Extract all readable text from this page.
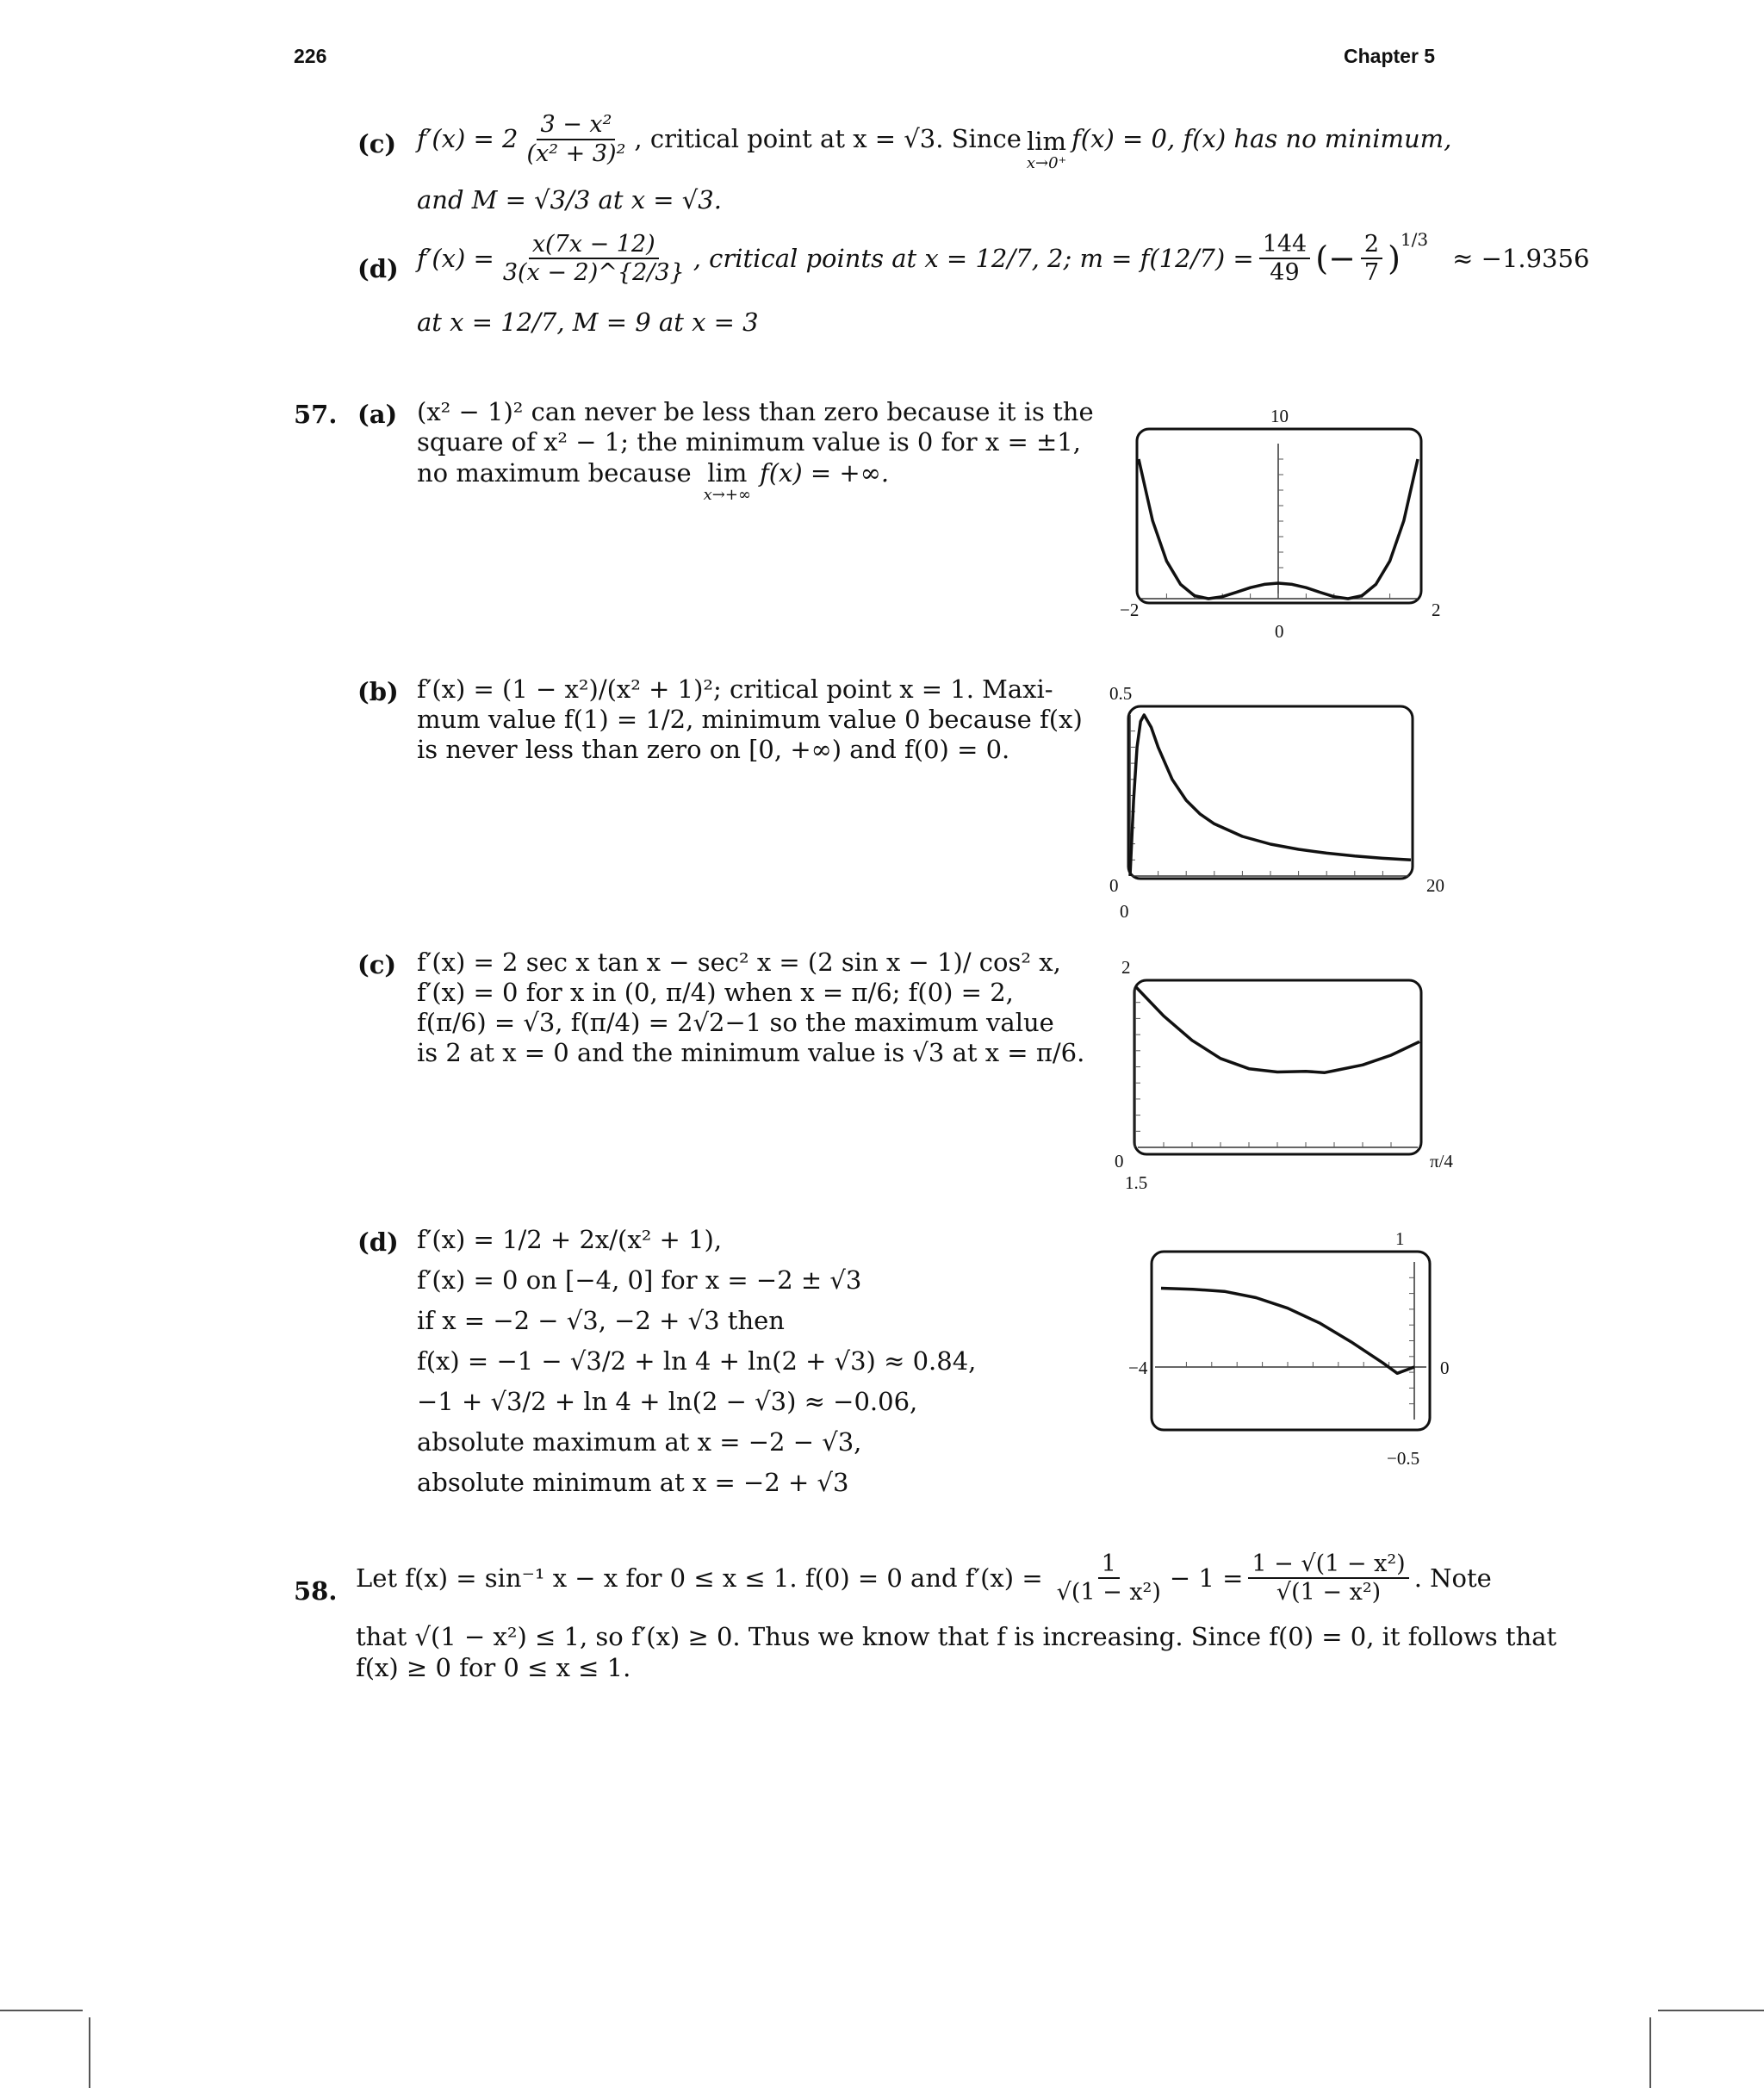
226	Chapter 5
(c) $f'(x) = 2 \frac{\text{3 − x²}}{\text{(x² + 3)²}}$ , critical point at x = √3. Since lim
x→0⁺
f(x) = 0, f(x) has no minimum,
and M = √3/3 at x = √3.
(d) $f'(x) = \frac{x(7x - 12)}{3(x - 2)\^{}\{2/3\}}$ , critical points at x = 12/7, 2; $m = f(12/7) = \frac{144}{49}$ (− $\frac{2}{7}$ )
1/3
≈ −1.9356
at x = 12/7, M = 9 at x = 3
57. (a) (x² − 1)² can never be less than zero because it is the
square of x² − 1; the minimum value is 0 for x = ±1,
no maximum because lim
x→+∞
f(x) = +∞.
(b) f′(x) = (1 − x²)/(x² + 1)²; critical point x = 1. Maxi-
mum value f(1) = 1/2, minimum value 0 because f(x)
is never less than zero on [0, +∞) and f(0) = 0.
(c) f′(x) = 2 sec x tan x − sec² x = (2 sin x − 1)/ cos² x,
f′(x) = 0 for x in (0, π/4) when x = π/6; f(0) = 2,
f(π/6) = √3, f(π/4) = 2√2−1 so the maximum value
is 2 at x = 0 and the minimum value is √3 at x = π/6.
(d) f′(x) = 1/2 + 2x/(x² + 1),
f′(x) = 0 on [−4, 0] for x = −2 ± √3
if x = −2 − √3, −2 + √3 then
f(x) = −1 − √3/2 + ln 4 + ln(2 + √3) ≈ 0.84,
−1 + √3/2 + ln 4 + ln(2 − √3) ≈ −0.06,
absolute maximum at x = −2 − √3,
absolute minimum at x = −2 + √3
58. Let f(x) = sin⁻¹ x − x for 0 ≤ x ≤ 1. f(0) = 0 and $f'(x) = \frac{1}{\text{√(1 − x²)}} - 1 = \frac{\text{1 − √(1 − x²)}}{\text{√(1 − x²)}}$ . Note
that √(1 − x²) ≤ 1, so f′(x) ≥ 0. Thus we know that f is increasing. Since f(0) = 0, it follows that
f(x) ≥ 0 for 0 ≤ x ≤ 1.
−2	2
0
10
0	20
0
0.5
0	π/4
1.5
2
−4	0
−0.5
1
